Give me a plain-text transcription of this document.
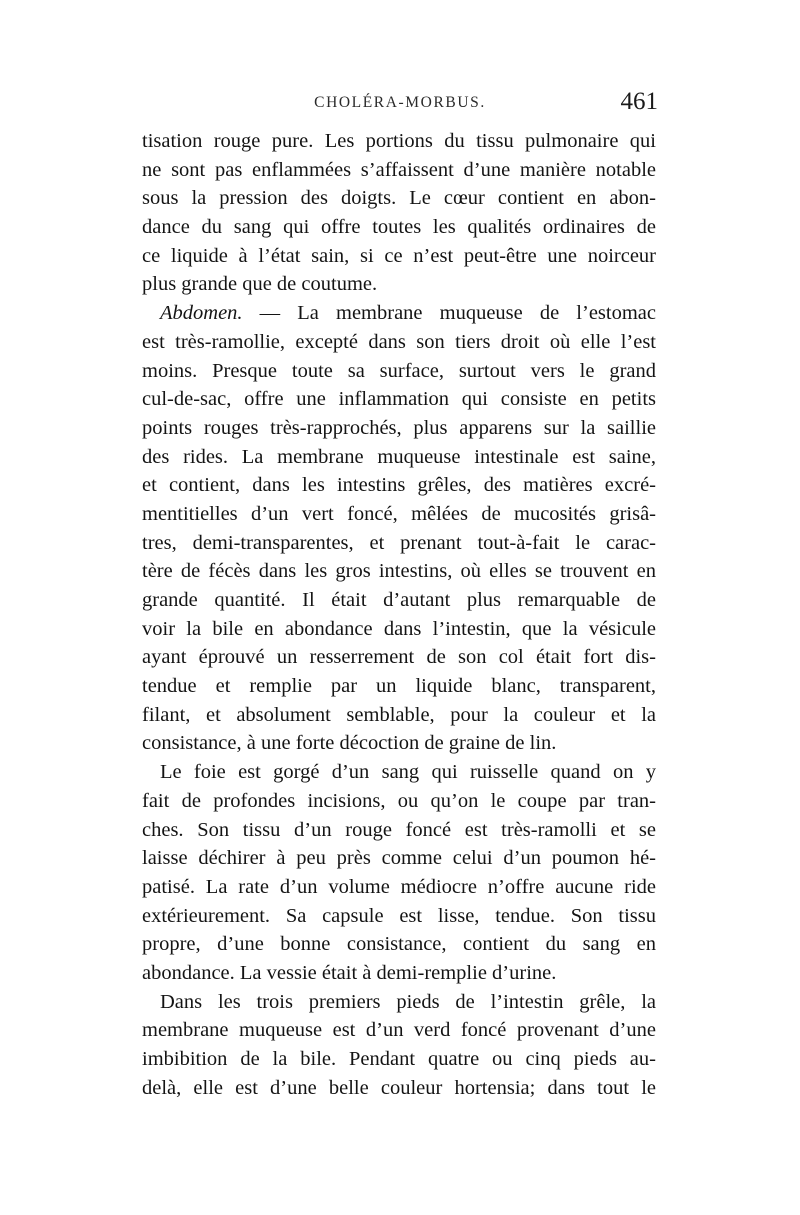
CHOLÉRA-MORBUS.	461
tisation rouge pure. Les portions du tissu pulmonaire qui
ne sont pas enflammées s’affaissent d’une manière notable
sous la pression des doigts. Le cœur contient en abon-
dance du sang qui offre toutes les qualités ordinaires de
ce liquide à l’état sain, si ce n’est peut-être une noirceur
plus grande que de coutume.
Abdomen. — La membrane muqueuse de l’estomac
est très-ramollie, excepté dans son tiers droit où elle l’est
moins. Presque toute sa surface, surtout vers le grand
cul-de-sac, offre une inflammation qui consiste en petits
points rouges très-rapprochés, plus apparens sur la saillie
des rides. La membrane muqueuse intestinale est saine,
et contient, dans les intestins grêles, des matières excré-
mentitielles d’un vert foncé, mêlées de mucosités grisâ-
tres, demi-transparentes, et prenant tout-à-fait le carac-
tère de fécès dans les gros intestins, où elles se trouvent en
grande quantité. Il était d’autant plus remarquable de
voir la bile en abondance dans l’intestin, que la vésicule
ayant éprouvé un resserrement de son col était fort dis-
tendue et remplie par un liquide blanc, transparent,
filant, et absolument semblable, pour la couleur et la
consistance, à une forte décoction de graine de lin.
Le foie est gorgé d’un sang qui ruisselle quand on y
fait de profondes incisions, ou qu’on le coupe par tran-
ches. Son tissu d’un rouge foncé est très-ramolli et se
laisse déchirer à peu près comme celui d’un poumon hé-
patisé. La rate d’un volume médiocre n’offre aucune ride
extérieurement. Sa capsule est lisse, tendue. Son tissu
propre, d’une bonne consistance, contient du sang en
abondance. La vessie était à demi-remplie d’urine.
Dans les trois premiers pieds de l’intestin grêle, la
membrane muqueuse est d’un verd foncé provenant d’une
imbibition de la bile. Pendant quatre ou cinq pieds au-
delà, elle est d’une belle couleur hortensia; dans tout le
